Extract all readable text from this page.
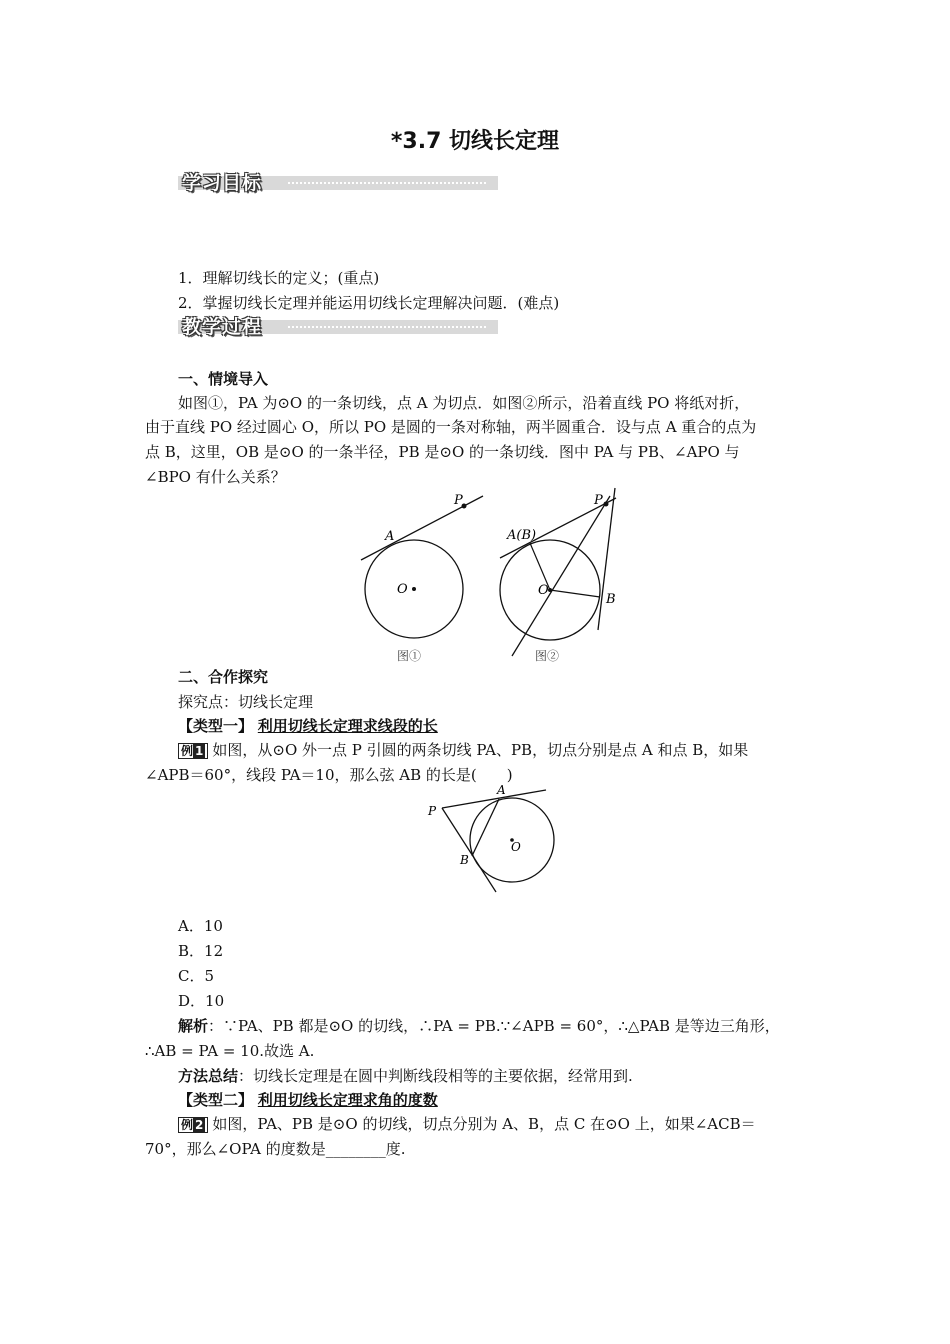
*3.7 切线长定理
学习目标
1．理解切线长的定义；(重点)
2．掌握切线长定理并能运用切线长定理解决问题．(难点)
教学过程
一、情境导入
如图①，PA 为⊙O 的一条切线，点 A 为切点．如图②所示，沿着直线 PO 将纸对折，
由于直线 PO 经过圆心 O，所以 PO 是圆的一条对称轴，两半圆重合．设与点 A 重合的点为
点 B，这里，OB 是⊙O 的一条半径，PB 是⊙O 的一条切线．图中 PA 与 PB、∠APO 与
∠BPO 有什么关系？
P
A
O
图①
P
A(B)
O
B
图②
二、合作探究
探究点：切线长定理
【类型一】 利用切线长定理求线段的长
例 1 如图，从⊙O 外一点 P 引圆的两条切线 PA、PB，切点分别是点 A 和点 B，如果
∠APB＝60°，线段 PA＝10，那么弦 AB 的长是(　　)
P
A
B
O
A．10
B．12
C．5
D．10
解析：∵PA、PB 都是⊙O 的切线，∴PA = PB.∵∠APB = 60°，∴△PAB 是等边三角形，
∴AB = PA = 10.故选 A.
方法总结：切线长定理是在圆中判断线段相等的主要依据，经常用到.
【类型二】 利用切线长定理求角的度数
例 2 如图，PA、PB 是⊙O 的切线，切点分别为 A、B，点 C 在⊙O 上，如果∠ACB＝
70°，那么∠OPA 的度数是________度.
